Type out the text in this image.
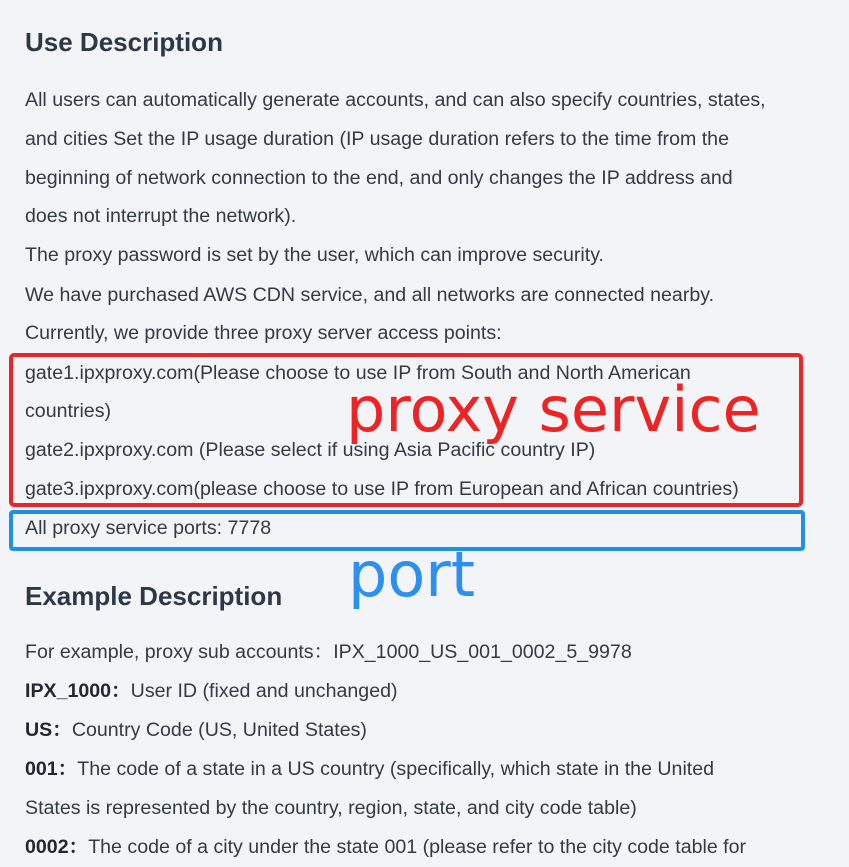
Use Description
All users can automatically generate accounts, and can also specify countries, states,
and cities Set the IP usage duration (IP usage duration refers to the time from the
beginning of network connection to the end, and only changes the IP address and
does not interrupt the network).
The proxy password is set by the user, which can improve security.
We have purchased AWS CDN service, and all networks are connected nearby.
Currently, we provide three proxy server access points:
gate1.ipxproxy.com(Please choose to use IP from South and North American
countries)
gate2.ipxproxy.com (Please select if using Asia Pacific country IP)
gate3.ipxproxy.com(please choose to use IP from European and African countries)
All proxy service ports: 7778
Example Description
For example, proxy sub accounts：IPX_1000_US_001_0002_5_9978
IPX_1000：User ID (fixed and unchanged)
US：Country Code (US, United States)
001：The code of a state in a US country (specifically, which state in the United
States is represented by the country, region, state, and city code table)
0002：The code of a city under the state 001 (please refer to the city code table for
proxy service
port
